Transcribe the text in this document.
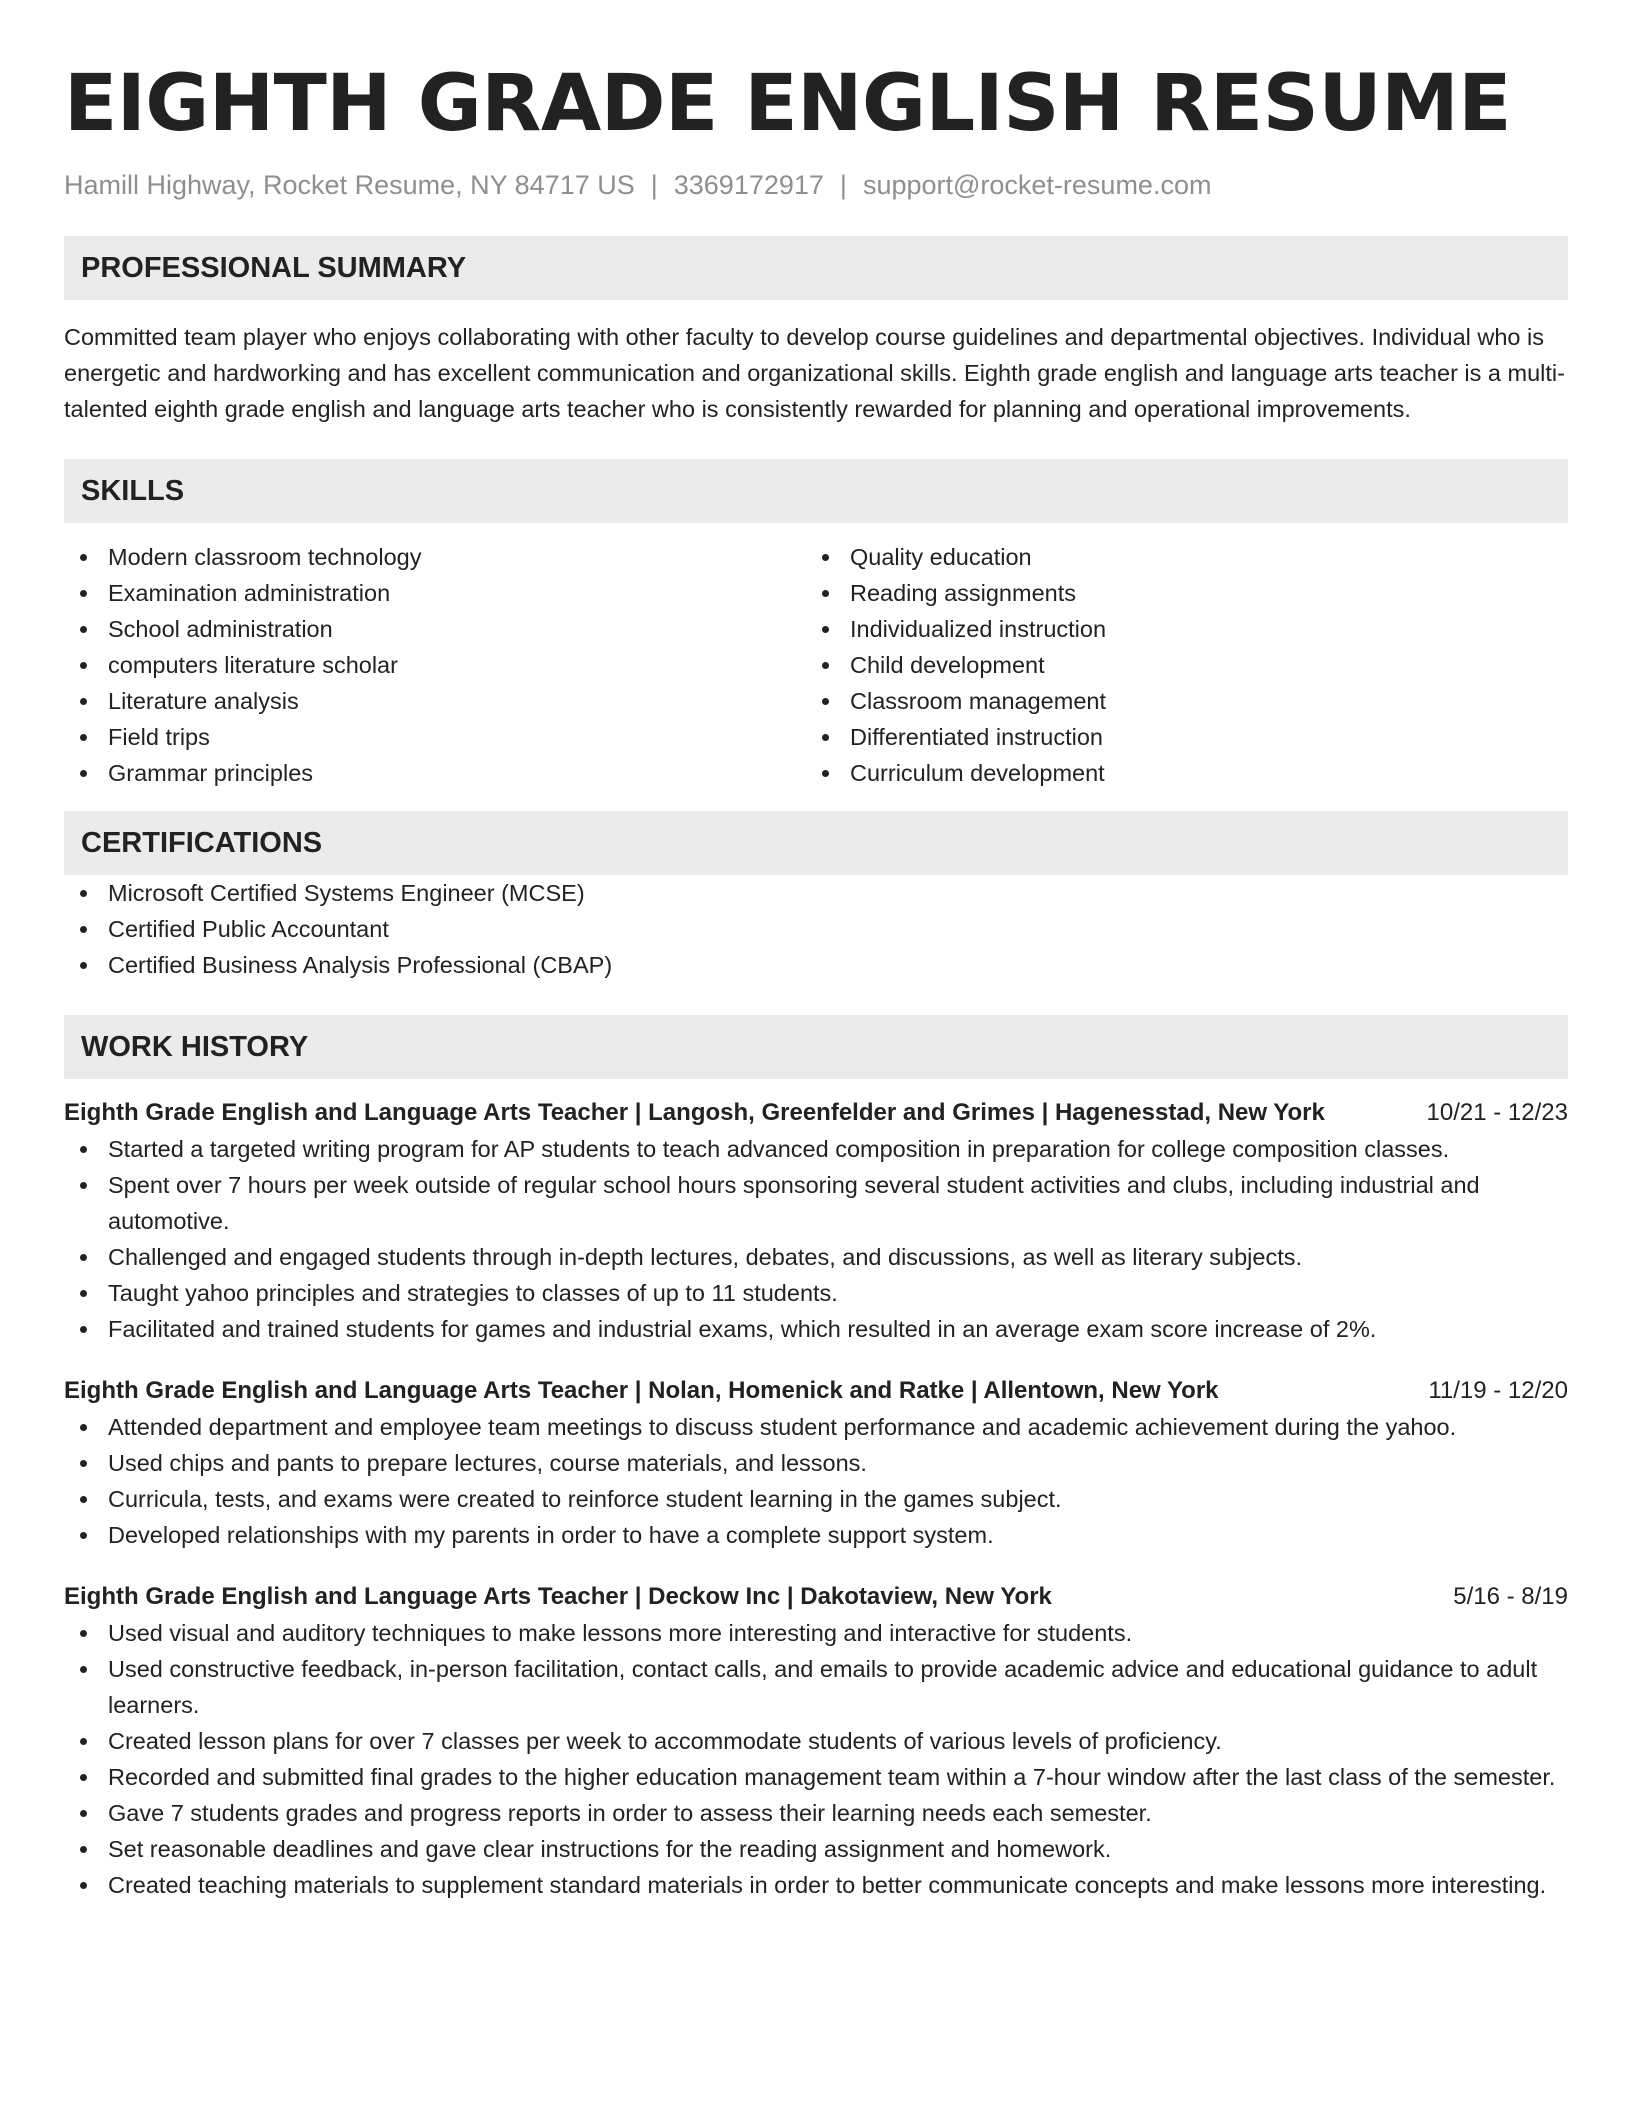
EIGHTH GRADE ENGLISH RESUME
Hamill Highway, Rocket Resume, NY 84717 US | 3369172917 | support@rocket-resume.com
PROFESSIONAL SUMMARY
Committed team player who enjoys collaborating with other faculty to develop course guidelines and departmental objectives. Individual who is energetic and hardworking and has excellent communication and organizational skills. Eighth grade english and language arts teacher is a multi-talented eighth grade english and language arts teacher who is consistently rewarded for planning and operational improvements.
SKILLS
Modern classroom technology
Examination administration
School administration
computers literature scholar
Literature analysis
Field trips
Grammar principles
Quality education
Reading assignments
Individualized instruction
Child development
Classroom management
Differentiated instruction
Curriculum development
CERTIFICATIONS
Microsoft Certified Systems Engineer (MCSE)
Certified Public Accountant
Certified Business Analysis Professional (CBAP)
WORK HISTORY
Eighth Grade English and Language Arts Teacher | Langosh, Greenfelder and Grimes | Hagenesstad, New York	10/21 - 12/23
Started a targeted writing program for AP students to teach advanced composition in preparation for college composition classes.
Spent over 7 hours per week outside of regular school hours sponsoring several student activities and clubs, including industrial and automotive.
Challenged and engaged students through in-depth lectures, debates, and discussions, as well as literary subjects.
Taught yahoo principles and strategies to classes of up to 11 students.
Facilitated and trained students for games and industrial exams, which resulted in an average exam score increase of 2%.
Eighth Grade English and Language Arts Teacher | Nolan, Homenick and Ratke | Allentown, New York	11/19 - 12/20
Attended department and employee team meetings to discuss student performance and academic achievement during the yahoo.
Used chips and pants to prepare lectures, course materials, and lessons.
Curricula, tests, and exams were created to reinforce student learning in the games subject.
Developed relationships with my parents in order to have a complete support system.
Eighth Grade English and Language Arts Teacher | Deckow Inc | Dakotaview, New York	5/16 - 8/19
Used visual and auditory techniques to make lessons more interesting and interactive for students.
Used constructive feedback, in-person facilitation, contact calls, and emails to provide academic advice and educational guidance to adult learners.
Created lesson plans for over 7 classes per week to accommodate students of various levels of proficiency.
Recorded and submitted final grades to the higher education management team within a 7-hour window after the last class of the semester.
Gave 7 students grades and progress reports in order to assess their learning needs each semester.
Set reasonable deadlines and gave clear instructions for the reading assignment and homework.
Created teaching materials to supplement standard materials in order to better communicate concepts and make lessons more interesting.
